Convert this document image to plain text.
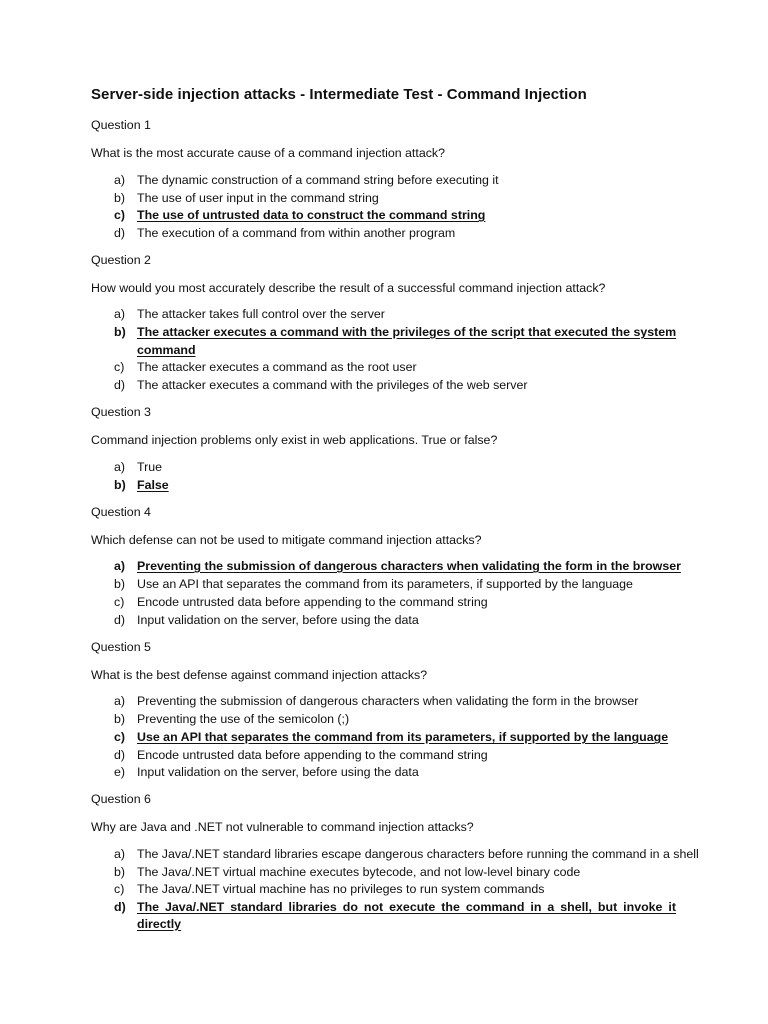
Server-side injection attacks - Intermediate Test - Command Injection
Question 1
What is the most accurate cause of a command injection attack?
a) The dynamic construction of a command string before executing it
b) The use of user input in the command string
c) The use of untrusted data to construct the command string
d) The execution of a command from within another program
Question 2
How would you most accurately describe the result of a successful command injection attack?
a) The attacker takes full control over the server
b) The attacker executes a command with the privileges of the script that executed the system command
c) The attacker executes a command as the root user
d) The attacker executes a command with the privileges of the web server
Question 3
Command injection problems only exist in web applications. True or false?
a) True
b) False
Question 4
Which defense can not be used to mitigate command injection attacks?
a) Preventing the submission of dangerous characters when validating the form in the browser
b) Use an API that separates the command from its parameters, if supported by the language
c) Encode untrusted data before appending to the command string
d) Input validation on the server, before using the data
Question 5
What is the best defense against command injection attacks?
a) Preventing the submission of dangerous characters when validating the form in the browser
b) Preventing the use of the semicolon (;)
c) Use an API that separates the command from its parameters, if supported by the language
d) Encode untrusted data before appending to the command string
e) Input validation on the server, before using the data
Question 6
Why are Java and .NET not vulnerable to command injection attacks?
a) The Java/.NET standard libraries escape dangerous characters before running the command in a shell
b) The Java/.NET virtual machine executes bytecode, and not low-level binary code
c) The Java/.NET virtual machine has no privileges to run system commands
d) The Java/.NET standard libraries do not execute the command in a shell, but invoke it directly
